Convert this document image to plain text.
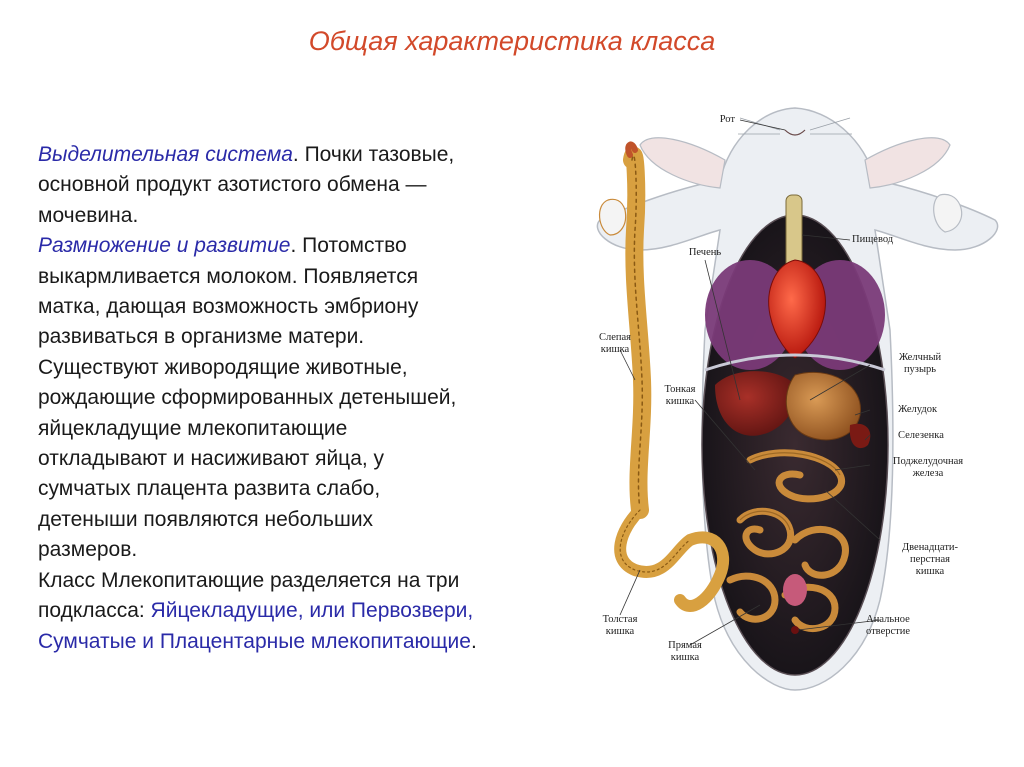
Общая характеристика класса
Выделительная система. Почки тазовые,
основной продукт азотистого обмена —
мочевина.
Размножение и развитие. Потомство
выкармливается молоком. Появляется
матка, дающая возможность эмбриону
развиваться в организме матери.
Существуют живородящие животные,
рождающие сформированных детенышей,
яйцекладущие млекопитающие
откладывают и насиживают яйца, у
сумчатых плацента развита слабо,
детеныши появляются небольших
размеров.
Класс Млекопитающие разделяется на три
подкласса: Яйцекладущие, или Первозвери,
Сумчатые и Плацентарные млекопитающие.
Рот
Пищевод
Печень
Слепая
кишка
Тонкая
кишка
Желчный
пузырь
Желудок
Селезенка
Поджелудочная
железа
Двенадцати-
перстная
кишка
Толстая
кишка
Прямая
кишка
Анальное
отверстие
